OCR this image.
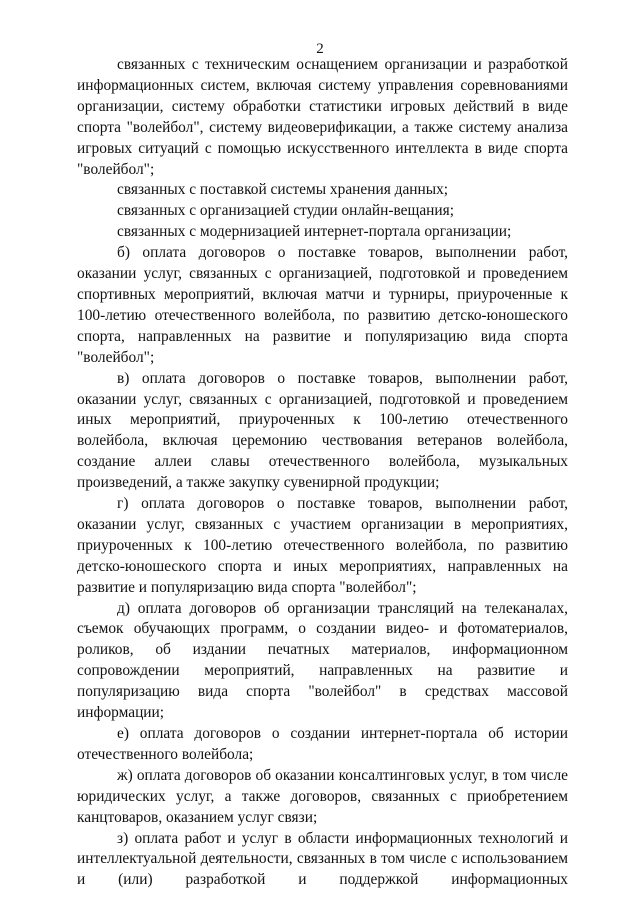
2

связанных с техническим оснащением организации и разработкой информационных систем, включая систему управления соревнованиями организации, систему обработки статистики игровых действий в виде спорта "волейбол", систему видеоверификации, а также систему анализа игровых ситуаций с помощью искусственного интеллекта в виде спорта "волейбол";

связанных с поставкой системы хранения данных;

связанных с организацией студии онлайн-вещания;

связанных с модернизацией интернет-портала организации;

б) оплата договоров о поставке товаров, выполнении работ, оказании услуг, связанных с организацией, подготовкой и проведением спортивных мероприятий, включая матчи и турниры, приуроченные к 100-летию отечественного волейбола, по развитию детско-юношеского спорта, направленных на развитие и популяризацию вида спорта "волейбол";

в) оплата договоров о поставке товаров, выполнении работ, оказании услуг, связанных с организацией, подготовкой и проведением иных мероприятий, приуроченных к 100-летию отечественного волейбола, включая церемонию чествования ветеранов волейбола, создание аллеи славы отечественного волейбола, музыкальных произведений, а также закупку сувенирной продукции;

г) оплата договоров о поставке товаров, выполнении работ, оказании услуг, связанных с участием организации в мероприятиях, приуроченных к 100-летию отечественного волейбола, по развитию детско-юношеского спорта и иных мероприятиях, направленных на развитие и популяризацию вида спорта "волейбол";

д) оплата договоров об организации трансляций на телеканалах, съемок обучающих программ, о создании видео- и фотоматериалов, роликов, об издании печатных материалов, информационном сопровождении мероприятий, направленных на развитие и популяризацию вида спорта "волейбол" в средствах массовой информации;

е) оплата договоров о создании интернет-портала об истории отечественного волейбола;

ж) оплата договоров об оказании консалтинговых услуг, в том числе юридических услуг, а также договоров, связанных с приобретением канцтоваров, оказанием услуг связи;

з) оплата работ и услуг в области информационных технологий и интеллектуальной деятельности, связанных в том числе с использованием и (или) разработкой и поддержкой информационных
